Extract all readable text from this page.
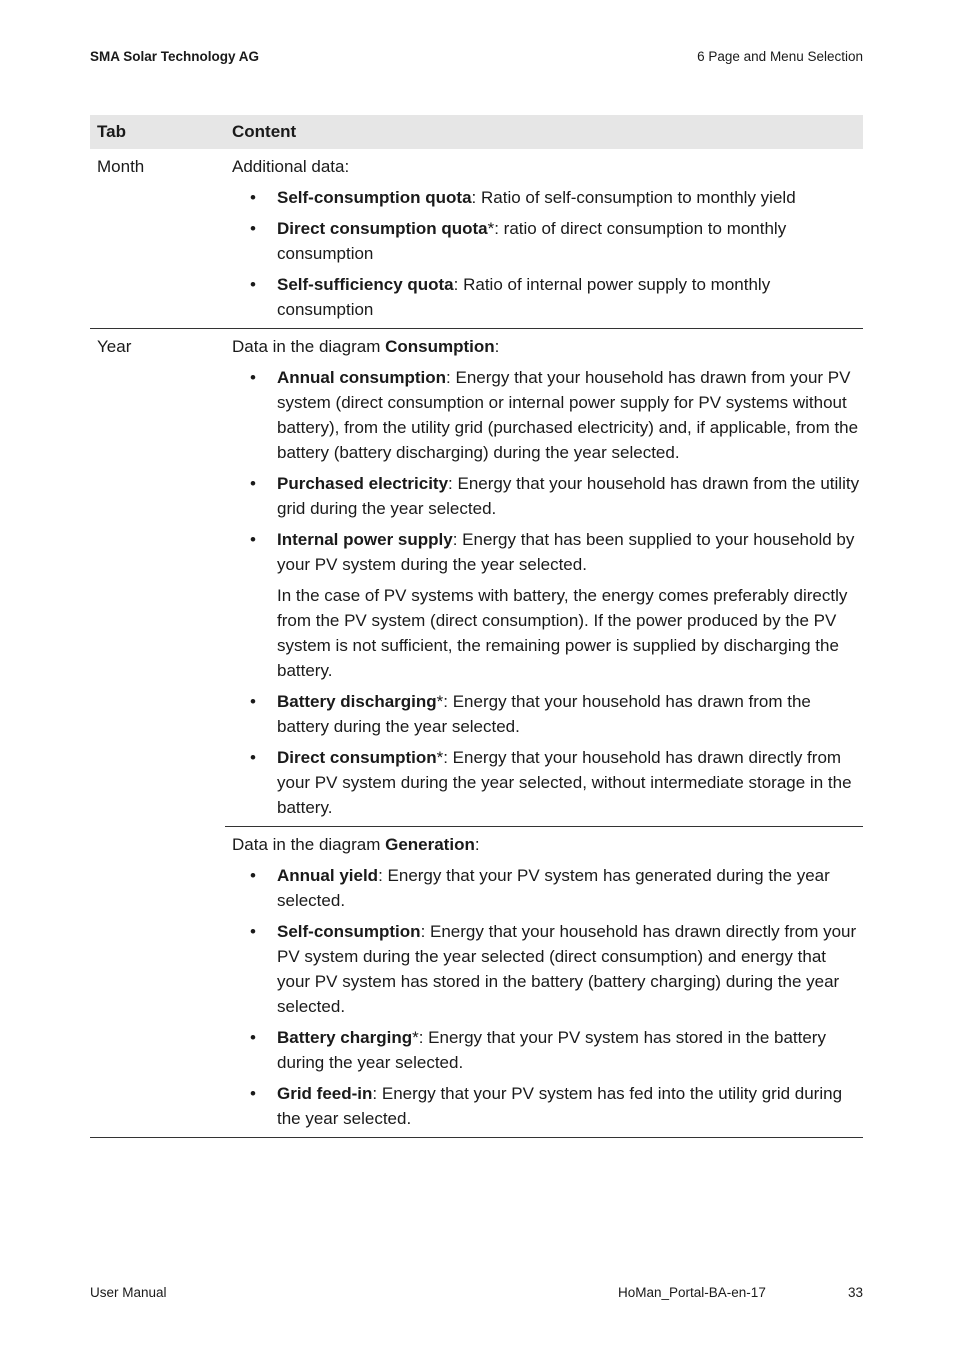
SMA Solar Technology AG	6 Page and Menu Selection
Tab	Content
Month	Additional data:
• Self-consumption quota: Ratio of self-consumption to monthly yield
• Direct consumption quota*: ratio of direct consumption to monthly consumption
• Self-sufficiency quota: Ratio of internal power supply to monthly consumption
Year	Data in the diagram Consumption:
• Annual consumption: Energy that your household has drawn from your PV system (direct consumption or internal power supply for PV systems without battery), from the utility grid (purchased electricity) and, if applicable, from the battery (battery discharging) during the year selected.
• Purchased electricity: Energy that your household has drawn from the utility grid during the year selected.
• Internal power supply: Energy that has been supplied to your household by your PV system during the year selected.
In the case of PV systems with battery, the energy comes preferably directly from the PV system (direct consumption). If the power produced by the PV system is not sufficient, the remaining power is supplied by discharging the battery.
• Battery discharging*: Energy that your household has drawn from the battery during the year selected.
• Direct consumption*: Energy that your household has drawn directly from your PV system during the year selected, without intermediate storage in the battery.
Data in the diagram Generation:
• Annual yield: Energy that your PV system has generated during the year selected.
• Self-consumption: Energy that your household has drawn directly from your PV system during the year selected (direct consumption) and energy that your PV system has stored in the battery (battery charging) during the year selected.
• Battery charging*: Energy that your PV system has stored in the battery during the year selected.
• Grid feed-in: Energy that your PV system has fed into the utility grid during the year selected.
User Manual	HoMan_Portal-BA-en-17	33
